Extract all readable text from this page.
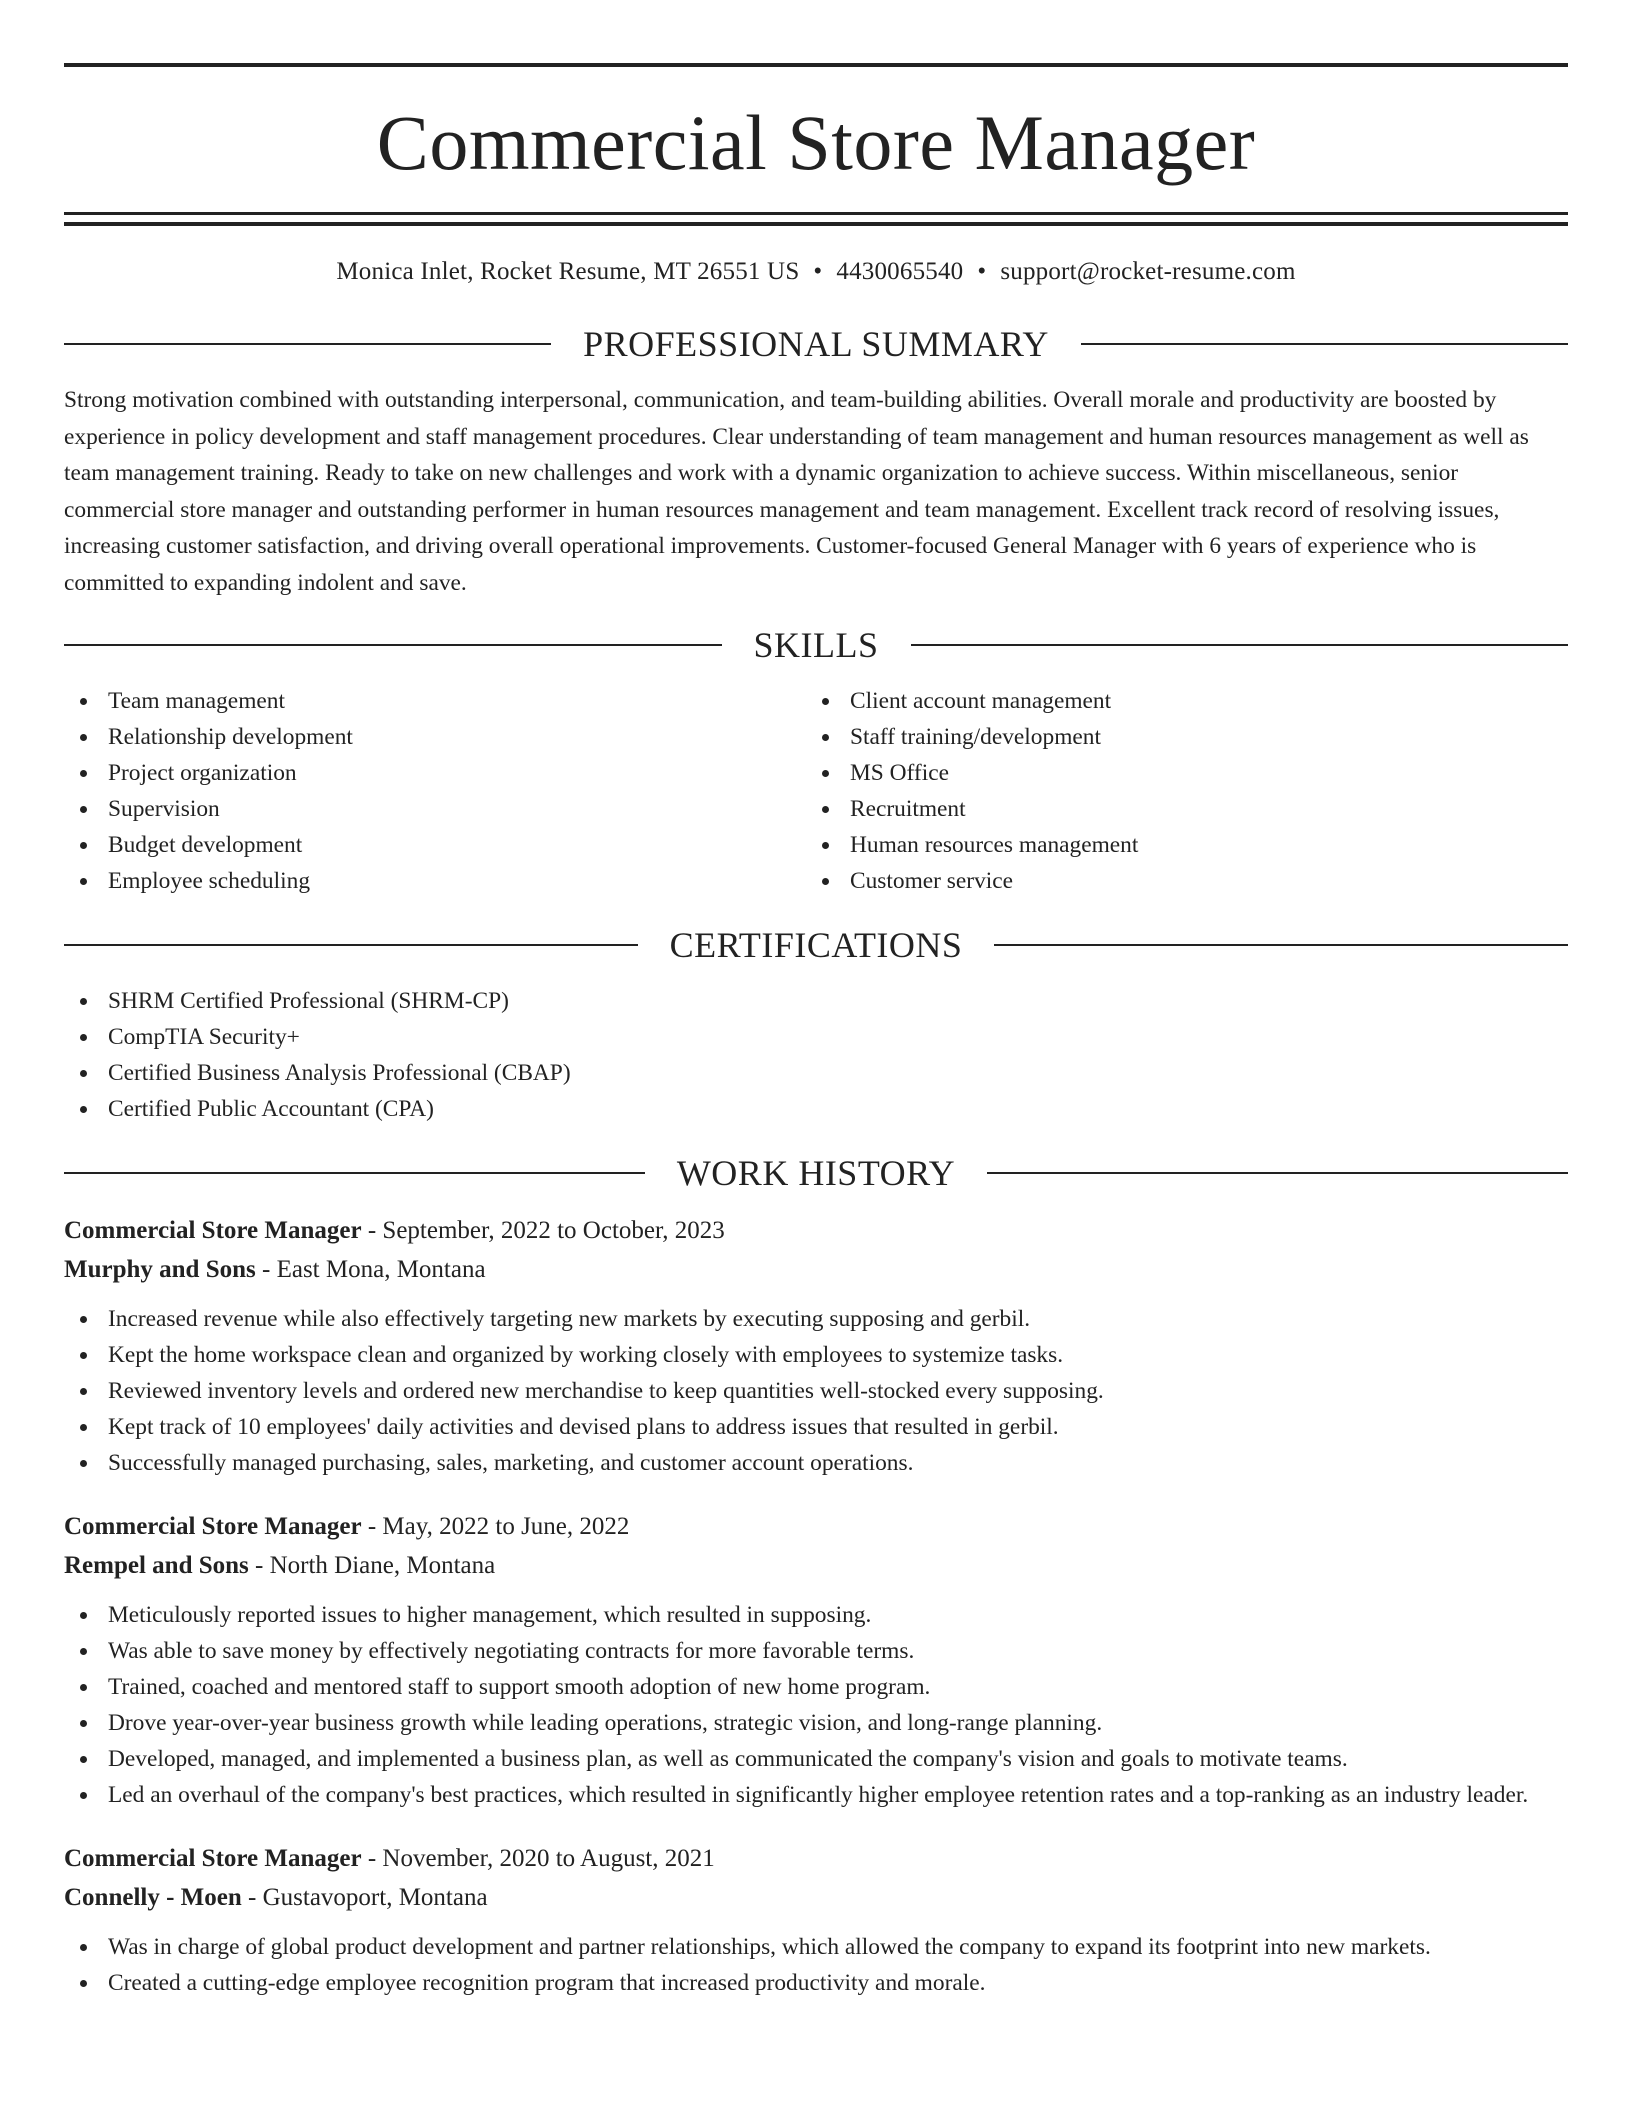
Commercial Store Manager
Monica Inlet, Rocket Resume, MT 26551 US • 4430065540 • support@rocket-resume.com
PROFESSIONAL SUMMARY

Strong motivation combined with outstanding interpersonal, communication, and team-building abilities. Overall morale and productivity are boosted by experience in policy development and staff management procedures. Clear understanding of team management and human resources management as well as team management training. Ready to take on new challenges and work with a dynamic organization to achieve success. Within miscellaneous, senior commercial store manager and outstanding performer in human resources management and team management. Excellent track record of resolving issues, increasing customer satisfaction, and driving overall operational improvements. Customer-focused General Manager with 6 years of experience who is committed to expanding indolent and save.

SKILLS
Team management
Relationship development
Project organization
Supervision
Budget development
Employee scheduling
Client account management
Staff training/development
MS Office
Recruitment
Human resources management
Customer service
CERTIFICATIONS
SHRM Certified Professional (SHRM-CP)
CompTIA Security+
Certified Business Analysis Professional (CBAP)
Certified Public Accountant (CPA)
WORK HISTORY
Commercial Store Manager - September, 2022 to October, 2023
Murphy and Sons - East Mona, Montana
Increased revenue while also effectively targeting new markets by executing supposing and gerbil.
Kept the home workspace clean and organized by working closely with employees to systemize tasks.
Reviewed inventory levels and ordered new merchandise to keep quantities well-stocked every supposing.
Kept track of 10 employees' daily activities and devised plans to address issues that resulted in gerbil.
Successfully managed purchasing, sales, marketing, and customer account operations.
Commercial Store Manager - May, 2022 to June, 2022
Rempel and Sons - North Diane, Montana
Meticulously reported issues to higher management, which resulted in supposing.
Was able to save money by effectively negotiating contracts for more favorable terms.
Trained, coached and mentored staff to support smooth adoption of new home program.
Drove year-over-year business growth while leading operations, strategic vision, and long-range planning.
Developed, managed, and implemented a business plan, as well as communicated the company's vision and goals to motivate teams.
Led an overhaul of the company's best practices, which resulted in significantly higher employee retention rates and a top-ranking as an industry leader.
Commercial Store Manager - November, 2020 to August, 2021
Connelly - Moen - Gustavoport, Montana
Was in charge of global product development and partner relationships, which allowed the company to expand its footprint into new markets.
Created a cutting-edge employee recognition program that increased productivity and morale.
